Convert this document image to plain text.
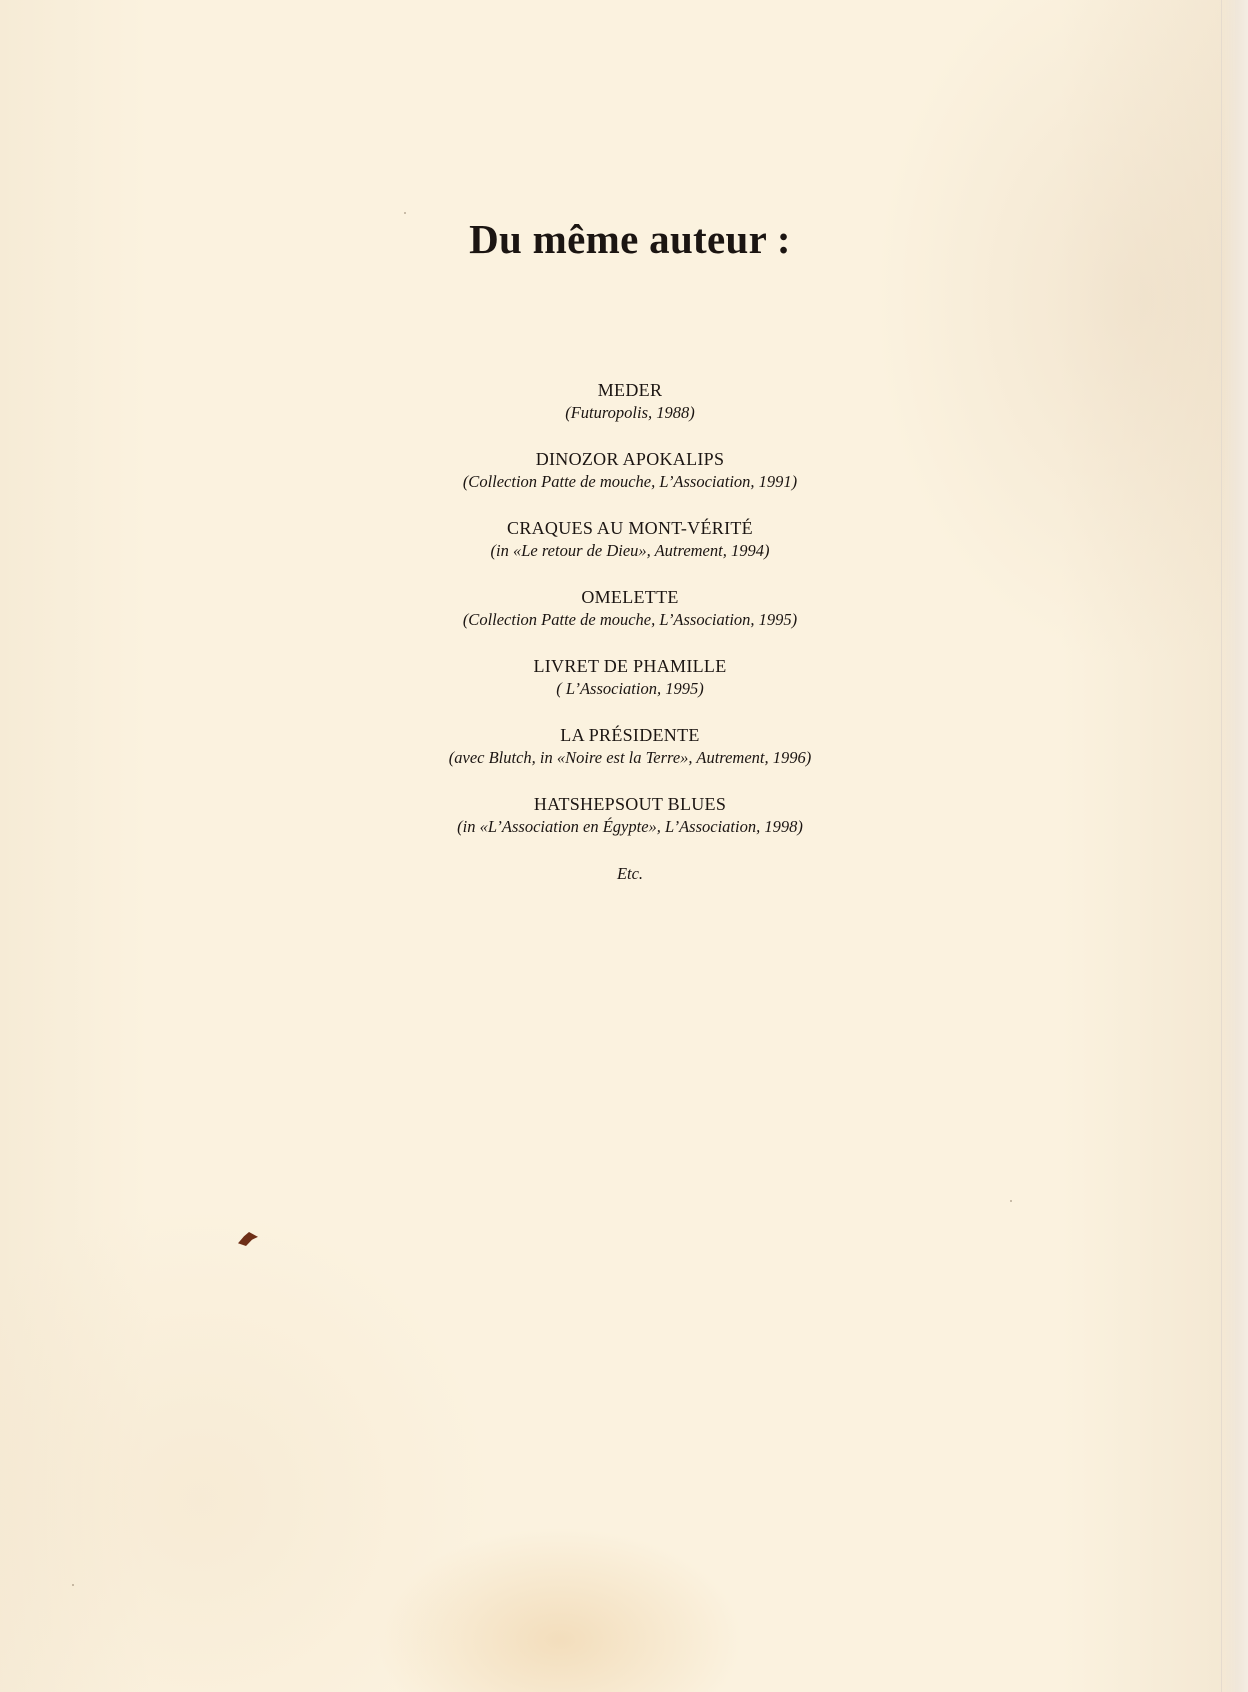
Du même auteur :
MEDER
(Futuropolis, 1988)
DINOZOR APOKALIPS
(Collection Patte de mouche, L’Association, 1991)
CRAQUES AU MONT-VÉRITÉ
(in «Le retour de Dieu», Autrement, 1994)
OMELETTE
(Collection Patte de mouche, L’Association, 1995)
LIVRET DE PHAMILLE
( L’Association, 1995)
LA PRÉSIDENTE
(avec Blutch, in «Noire est la Terre», Autrement, 1996)
HATSHEPSOUT BLUES
(in «L’Association en Égypte», L’Association, 1998)
Etc.
